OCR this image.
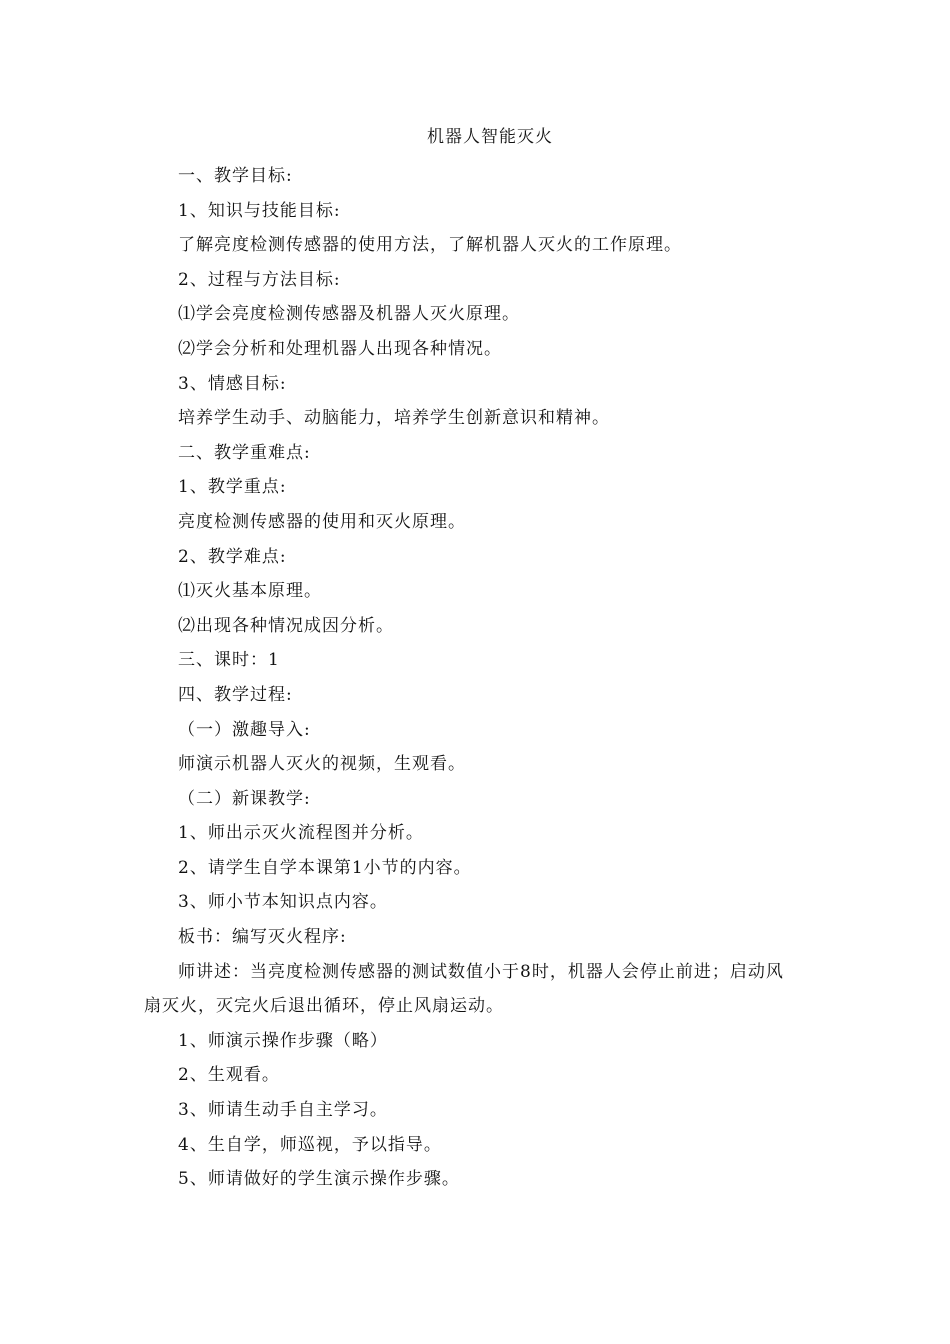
机器人智能灭火
一、教学目标:
1、知识与技能目标:
了解亮度检测传感器的使用方法，了解机器人灭火的工作原理。
2、过程与方法目标:
⑴学会亮度检测传感器及机器人灭火原理。
⑵学会分析和处理机器人出现各种情况。
3、情感目标:
培养学生动手、动脑能力，培养学生创新意识和精神。
二、教学重难点:
1、教学重点:
亮度检测传感器的使用和灭火原理。
2、教学难点:
⑴灭火基本原理。
⑵出现各种情况成因分析。
三、课时：1
四、教学过程:
（一）激趣导入:
师演示机器人灭火的视频，生观看。
（二）新课教学:
1、师出示灭火流程图并分析。
2、请学生自学本课第1小节的内容。
3、师小节本知识点内容。
板书：编写灭火程序:
师讲述：当亮度检测传感器的测试数值小于8时，机器人会停止前进；启动风
扇灭火，灭完火后退出循环，停止风扇运动。
1、师演示操作步骤（略）
2、生观看。
3、师请生动手自主学习。
4、生自学，师巡视，予以指导。
5、师请做好的学生演示操作步骤。
